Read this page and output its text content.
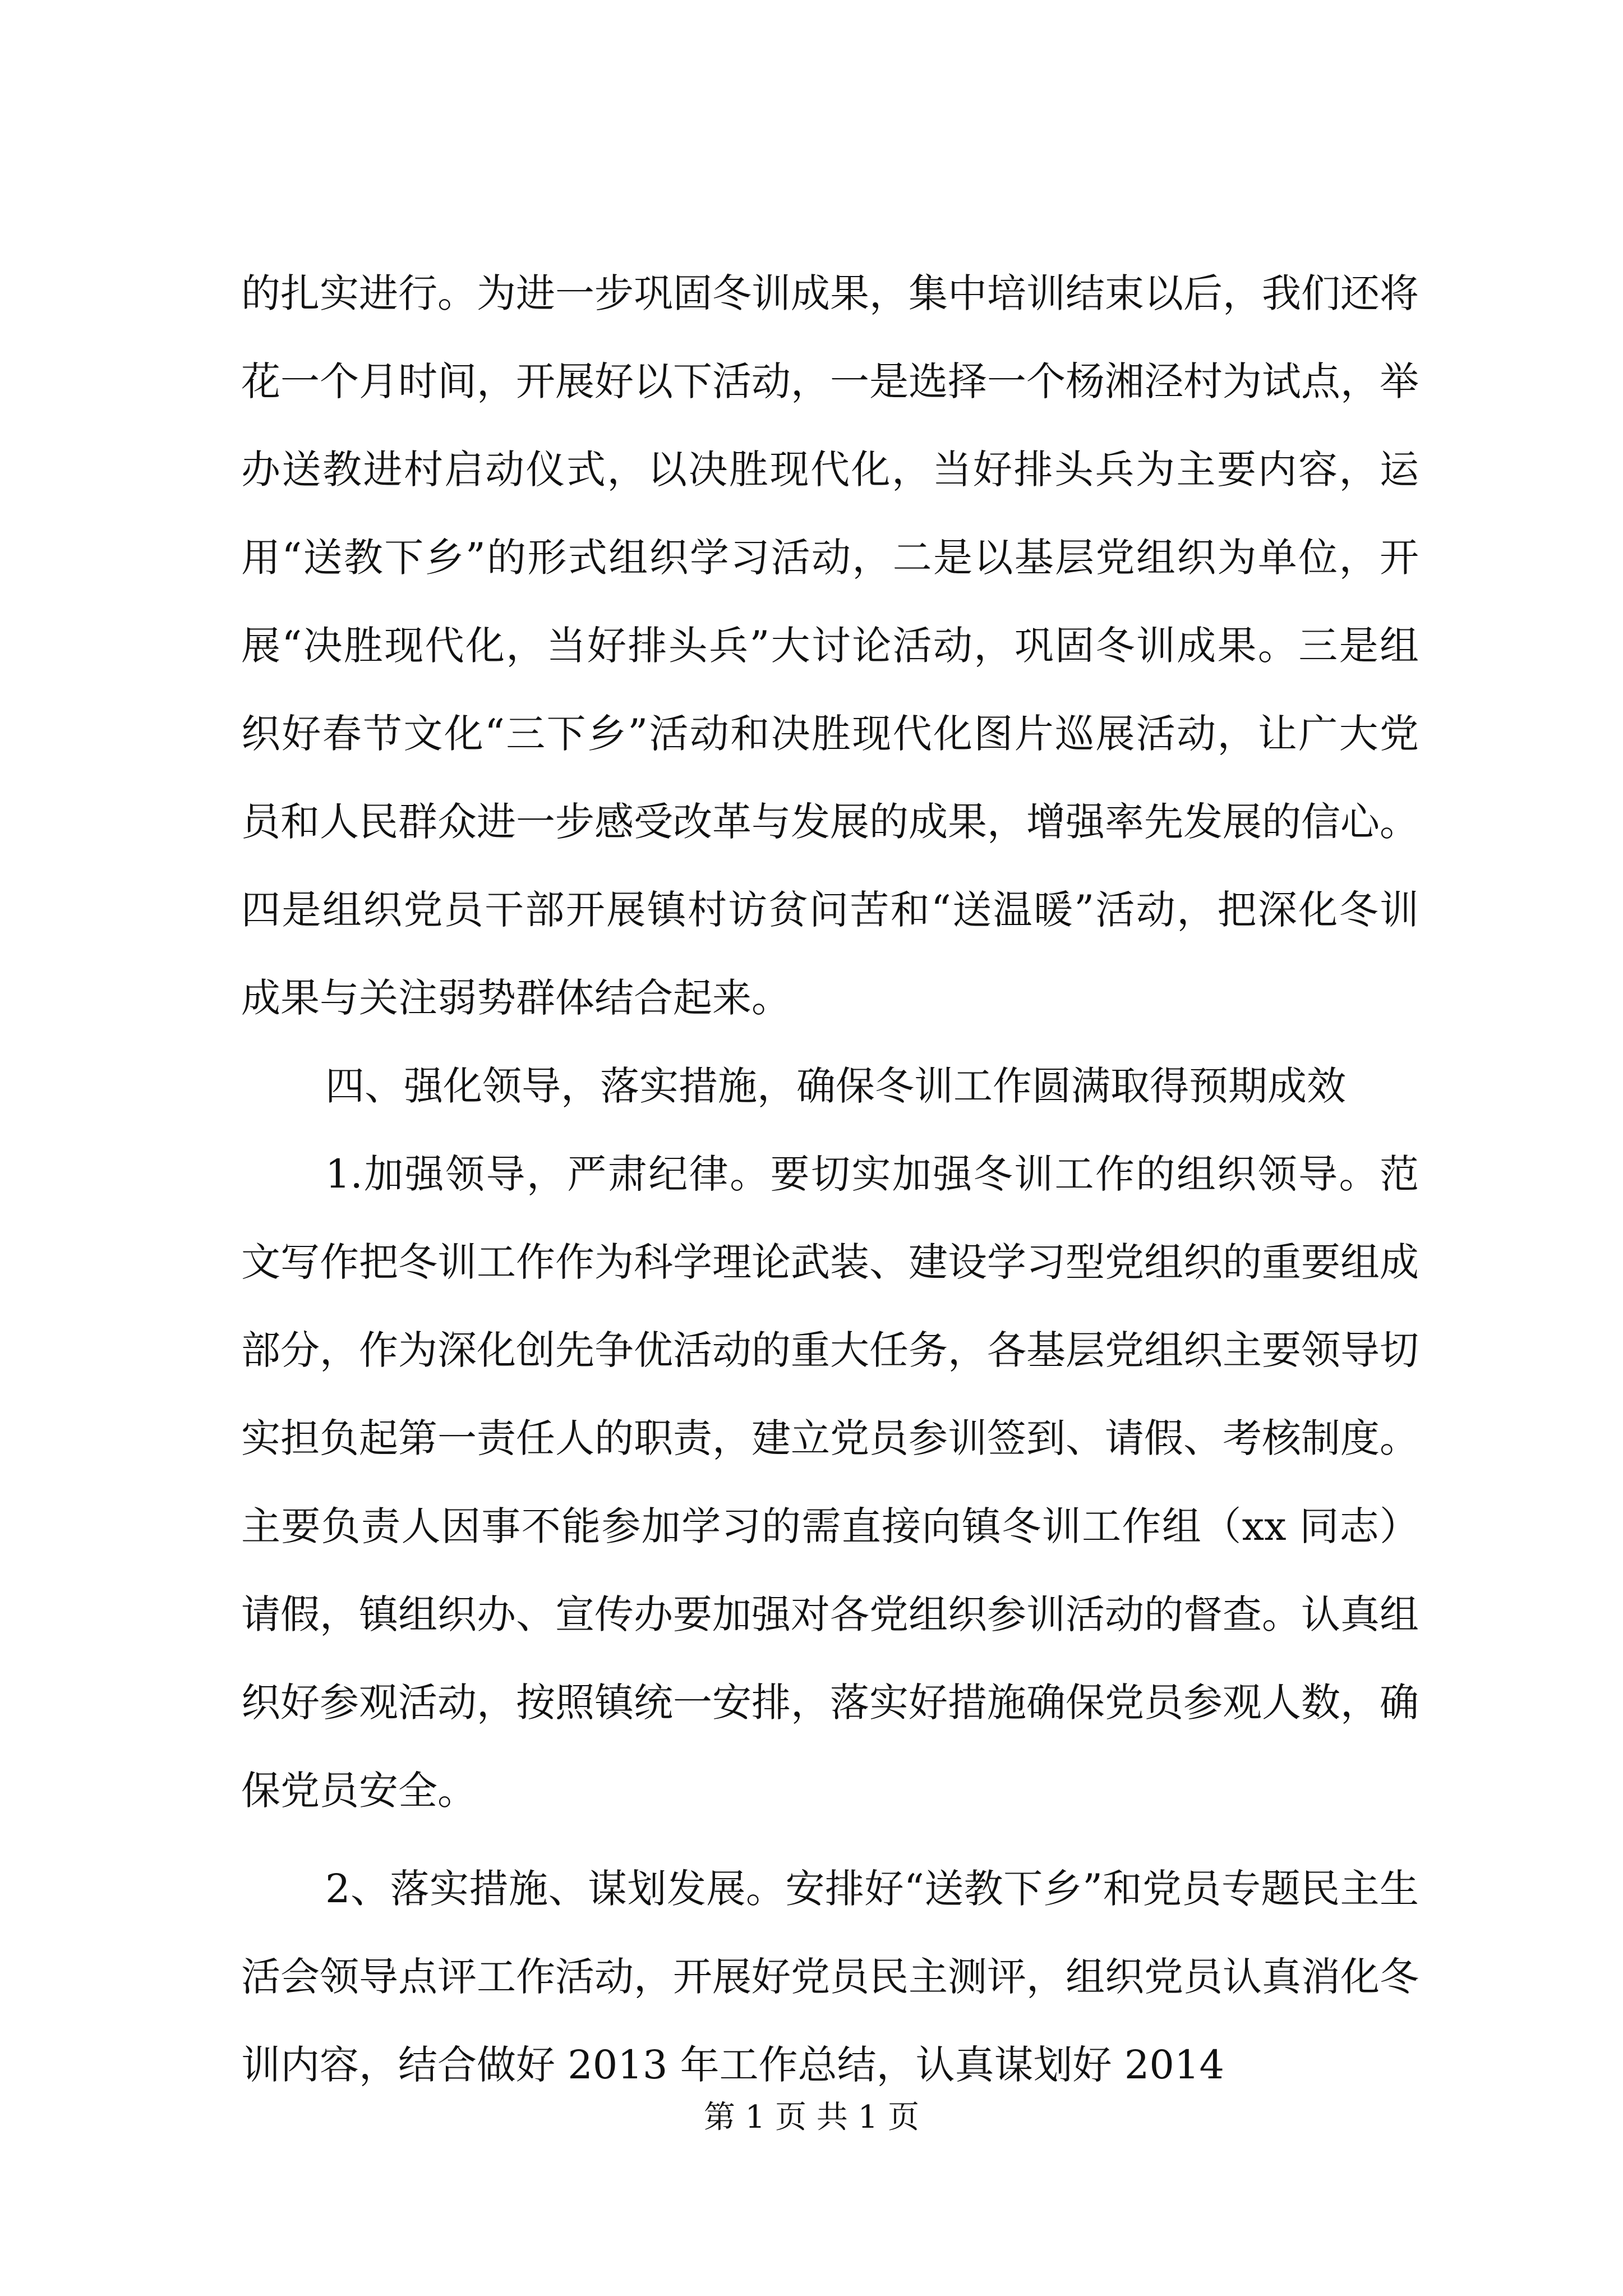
的扎实进行。为进一步巩固冬训成果，集中培训结束以后，我们还将花一个月时间，开展好以下活动，一是选择一个杨湘泾村为试点，举办送教进村启动仪式，以决胜现代化，当好排头兵为主要内容，运用“送教下乡”的形式组织学习活动，二是以基层党组织为单位，开展“决胜现代化，当好排头兵”大讨论活动，巩固冬训成果。三是组织好春节文化“三下乡”活动和决胜现代化图片巡展活动，让广大党员和人民群众进一步感受改革与发展的成果，增强率先发展的信心。四是组织党员干部开展镇村访贫问苦和“送温暖”活动，把深化冬训成果与关注弱势群体结合起来。

四、强化领导，落实措施，确保冬训工作圆满取得预期成效

1.加强领导，严肃纪律。要切实加强冬训工作的组织领导。范文写作把冬训工作作为科学理论武装、建设学习型党组织的重要组成部分，作为深化创先争优活动的重大任务，各基层党组织主要领导切实担负起第一责任人的职责，建立党员参训签到、请假、考核制度。主要负责人因事不能参加学习的需直接向镇冬训工作组（xx 同志）请假，镇组织办、宣传办要加强对各党组织参训活动的督查。认真组织好参观活动，按照镇统一安排，落实好措施确保党员参观人数，确保党员安全。

2、落实措施、谋划发展。安排好“送教下乡”和党员专题民主生活会领导点评工作活动，开展好党员民主测评，组织党员认真消化冬训内容，结合做好 2013 年工作总结，认真谋划好 2014

第 1 页 共 1 页
